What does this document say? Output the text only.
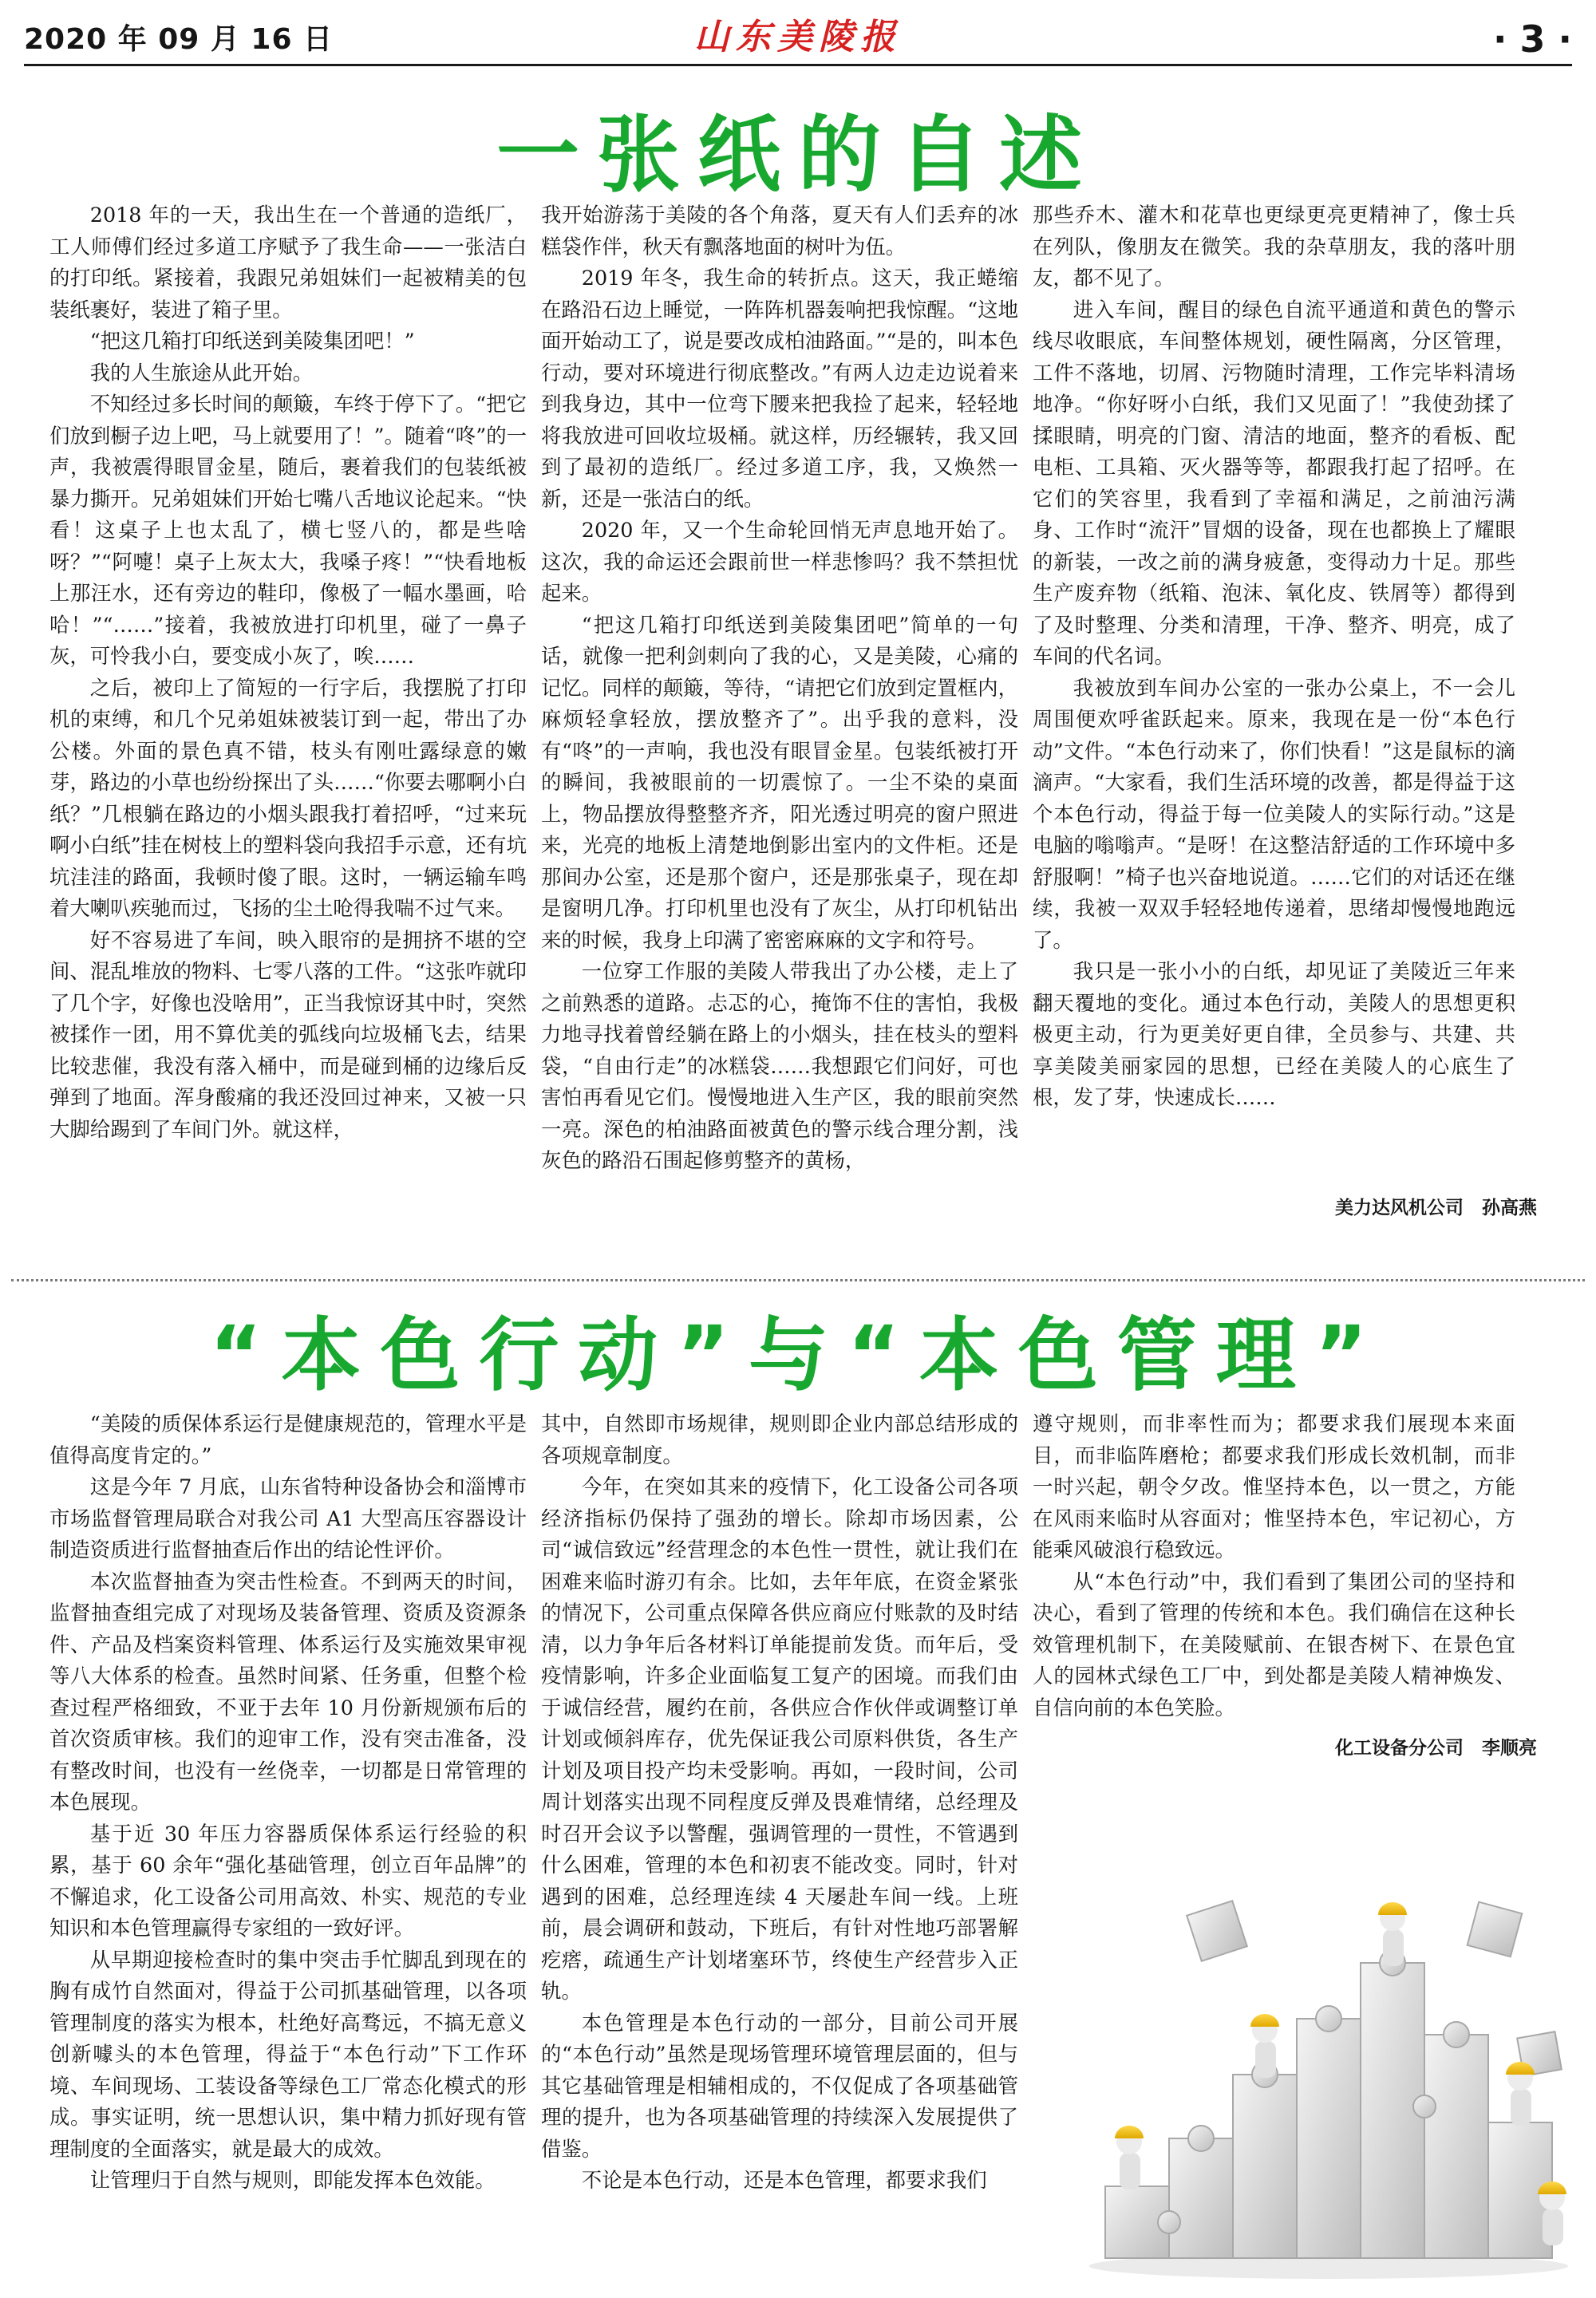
2020 年 09 月 16 日	山东美陵报	· 3 ·
一张纸的自述

2018 年的一天，我出生在一个普通的造纸厂，工人师傅们经过多道工序赋予了我生命——一张洁白的打印纸。紧接着，我跟兄弟姐妹们一起被精美的包装纸裹好，装进了箱子里。

“把这几箱打印纸送到美陵集团吧！”

我的人生旅途从此开始。

不知经过多长时间的颠簸，车终于停下了。“把它们放到橱子边上吧，马上就要用了！”。随着“咚”的一声，我被震得眼冒金星，随后，裹着我们的包装纸被暴力撕开。兄弟姐妹们开始七嘴八舌地议论起来。“快看！这桌子上也太乱了，横七竖八的，都是些啥呀？”“阿嚏！桌子上灰太大，我嗓子疼！”“快看地板上那汪水，还有旁边的鞋印，像极了一幅水墨画，哈哈！”“……”接着，我被放进打印机里，碰了一鼻子灰，可怜我小白，要变成小灰了，唉……

之后，被印上了简短的一行字后，我摆脱了打印机的束缚，和几个兄弟姐妹被装订到一起，带出了办公楼。外面的景色真不错，枝头有刚吐露绿意的嫩芽，路边的小草也纷纷探出了头……“你要去哪啊小白纸？”几根躺在路边的小烟头跟我打着招呼，“过来玩啊小白纸”挂在树枝上的塑料袋向我招手示意，还有坑坑洼洼的路面，我顿时傻了眼。这时，一辆运输车鸣着大喇叭疾驰而过，飞扬的尘土呛得我喘不过气来。

好不容易进了车间，映入眼帘的是拥挤不堪的空间、混乱堆放的物料、七零八落的工件。“这张咋就印了几个字，好像也没啥用”，正当我惊讶其中时，突然被揉作一团，用不算优美的弧线向垃圾桶飞去，结果比较悲催，我没有落入桶中，而是碰到桶的边缘后反弹到了地面。浑身酸痛的我还没回过神来，又被一只大脚给踢到了车间门外。就这样，

我开始游荡于美陵的各个角落，夏天有人们丢弃的冰糕袋作伴，秋天有飘落地面的树叶为伍。

2019 年冬，我生命的转折点。这天，我正蜷缩在路沿石边上睡觉，一阵阵机器轰响把我惊醒。“这地面开始动工了，说是要改成柏油路面。”“是的，叫本色行动，要对环境进行彻底整改。”有两人边走边说着来到我身边，其中一位弯下腰来把我捡了起来，轻轻地将我放进可回收垃圾桶。就这样，历经辗转，我又回到了最初的造纸厂。经过多道工序，我，又焕然一新，还是一张洁白的纸。

2020 年，又一个生命轮回悄无声息地开始了。这次，我的命运还会跟前世一样悲惨吗？我不禁担忧起来。

“把这几箱打印纸送到美陵集团吧”简单的一句话，就像一把利剑刺向了我的心，又是美陵，心痛的记忆。同样的颠簸，等待，“请把它们放到定置框内，麻烦轻拿轻放，摆放整齐了”。出乎我的意料，没有“咚”的一声响，我也没有眼冒金星。包装纸被打开的瞬间，我被眼前的一切震惊了。一尘不染的桌面上，物品摆放得整整齐齐，阳光透过明亮的窗户照进来，光亮的地板上清楚地倒影出室内的文件柜。还是那间办公室，还是那个窗户，还是那张桌子，现在却是窗明几净。打印机里也没有了灰尘，从打印机钻出来的时候，我身上印满了密密麻麻的文字和符号。

一位穿工作服的美陵人带我出了办公楼，走上了之前熟悉的道路。忐忑的心，掩饰不住的害怕，我极力地寻找着曾经躺在路上的小烟头，挂在枝头的塑料袋，“自由行走”的冰糕袋……我想跟它们问好，可也害怕再看见它们。慢慢地进入生产区，我的眼前突然一亮。深色的柏油路面被黄色的警示线合理分割，浅灰色的路沿石围起修剪整齐的黄杨，

那些乔木、灌木和花草也更绿更亮更精神了，像士兵在列队，像朋友在微笑。我的杂草朋友，我的落叶朋友，都不见了。

进入车间，醒目的绿色自流平通道和黄色的警示线尽收眼底，车间整体规划，硬性隔离，分区管理，工件不落地，切屑、污物随时清理，工作完毕料清场地净。“你好呀小白纸，我们又见面了！”我使劲揉了揉眼睛，明亮的门窗、清洁的地面，整齐的看板、配电柜、工具箱、灭火器等等，都跟我打起了招呼。在它们的笑容里，我看到了幸福和满足，之前油污满身、工作时“流汗”冒烟的设备，现在也都换上了耀眼的新装，一改之前的满身疲惫，变得动力十足。那些生产废弃物（纸箱、泡沫、氧化皮、铁屑等）都得到了及时整理、分类和清理，干净、整齐、明亮，成了车间的代名词。

我被放到车间办公室的一张办公桌上，不一会儿周围便欢呼雀跃起来。原来，我现在是一份“本色行动”文件。“本色行动来了，你们快看！”这是鼠标的滴滴声。“大家看，我们生活环境的改善，都是得益于这个本色行动，得益于每一位美陵人的实际行动。”这是电脑的嗡嗡声。“是呀！在这整洁舒适的工作环境中多舒服啊！”椅子也兴奋地说道。……它们的对话还在继续，我被一双双手轻轻地传递着，思绪却慢慢地跑远了。

我只是一张小小的白纸，却见证了美陵近三年来翻天覆地的变化。通过本色行动，美陵人的思想更积极更主动，行为更美好更自律，全员参与、共建、共享美陵美丽家园的思想，已经在美陵人的心底生了根，发了芽，快速成长……

美力达风机公司　孙高燕
“本色行动”与“本色管理”

“美陵的质保体系运行是健康规范的，管理水平是值得高度肯定的。”

这是今年 7 月底，山东省特种设备协会和淄博市市场监督管理局联合对我公司 A1 大型高压容器设计制造资质进行监督抽查后作出的结论性评价。

本次监督抽查为突击性检查。不到两天的时间，监督抽查组完成了对现场及装备管理、资质及资源条件、产品及档案资料管理、体系运行及实施效果审视等八大体系的检查。虽然时间紧、任务重，但整个检查过程严格细致，不亚于去年 10 月份新规颁布后的首次资质审核。我们的迎审工作，没有突击准备，没有整改时间，也没有一丝侥幸，一切都是日常管理的本色展现。

基于近 30 年压力容器质保体系运行经验的积累，基于 60 余年“强化基础管理，创立百年品牌”的不懈追求，化工设备公司用高效、朴实、规范的专业知识和本色管理赢得专家组的一致好评。

从早期迎接检查时的集中突击手忙脚乱到现在的胸有成竹自然面对，得益于公司抓基础管理，以各项管理制度的落实为根本，杜绝好高骛远，不搞无意义创新噱头的本色管理，得益于“本色行动”下工作环境、车间现场、工装设备等绿色工厂常态化模式的形成。事实证明，统一思想认识，集中精力抓好现有管理制度的全面落实，就是最大的成效。

让管理归于自然与规则，即能发挥本色效能。

其中，自然即市场规律，规则即企业内部总结形成的各项规章制度。

今年，在突如其来的疫情下，化工设备公司各项经济指标仍保持了强劲的增长。除却市场因素，公司“诚信致远”经营理念的本色性一贯性，就让我们在困难来临时游刃有余。比如，去年年底，在资金紧张的情况下，公司重点保障各供应商应付账款的及时结清，以力争年后各材料订单能提前发货。而年后，受疫情影响，许多企业面临复工复产的困境。而我们由于诚信经营，履约在前，各供应合作伙伴或调整订单计划或倾斜库存，优先保证我公司原料供货，各生产计划及项目投产均未受影响。再如，一段时间，公司周计划落实出现不同程度反弹及畏难情绪，总经理及时召开会议予以警醒，强调管理的一贯性，不管遇到什么困难，管理的本色和初衷不能改变。同时，针对遇到的困难，总经理连续 4 天屡赴车间一线。上班前，晨会调研和鼓动，下班后，有针对性地巧部署解疙瘩，疏通生产计划堵塞环节，终使生产经营步入正轨。

本色管理是本色行动的一部分，目前公司开展的“本色行动”虽然是现场管理环境管理层面的，但与其它基础管理是相辅相成的，不仅促成了各项基础管理的提升，也为各项基础管理的持续深入发展提供了借鉴。

不论是本色行动，还是本色管理，都要求我们

遵守规则，而非率性而为；都要求我们展现本来面目，而非临阵磨枪；都要求我们形成长效机制，而非一时兴起，朝令夕改。惟坚持本色，以一贯之，方能在风雨来临时从容面对；惟坚持本色，牢记初心，方能乘风破浪行稳致远。

从“本色行动”中，我们看到了集团公司的坚持和决心，看到了管理的传统和本色。我们确信在这种长效管理机制下，在美陵赋前、在银杏树下、在景色宜人的园林式绿色工厂中，到处都是美陵人精神焕发、自信向前的本色笑脸。

化工设备分公司　李顺亮
